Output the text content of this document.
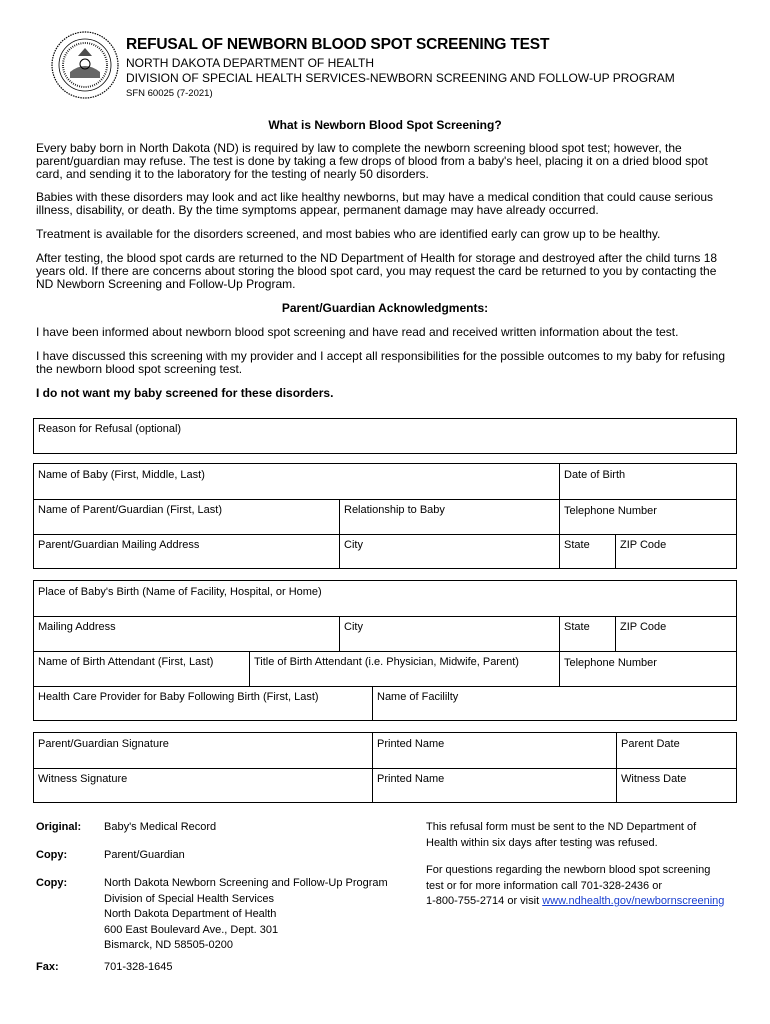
REFUSAL OF NEWBORN BLOOD SPOT SCREENING TEST
NORTH DAKOTA DEPARTMENT OF HEALTH
DIVISION OF SPECIAL HEALTH SERVICES-NEWBORN SCREENING AND FOLLOW-UP PROGRAM
SFN 60025 (7-2021)
What is Newborn Blood Spot Screening?
Every baby born in North Dakota (ND) is required by law to complete the newborn screening blood spot test; however, the parent/guardian may refuse. The test is done by taking a few drops of blood from a baby's heel, placing it on a dried blood spot card, and sending it to the laboratory for the testing of nearly 50 disorders.
Babies with these disorders may look and act like healthy newborns, but may have a medical condition that could cause serious illness, disability, or death. By the time symptoms appear, permanent damage may have already occurred.
Treatment is available for the disorders screened, and most babies who are identified early can grow up to be healthy.
After testing, the blood spot cards are returned to the ND Department of Health for storage and destroyed after the child turns 18 years old. If there are concerns about storing the blood spot card, you may request the card be returned to you by contacting the ND Newborn Screening and Follow-Up Program.
Parent/Guardian Acknowledgments:
I have been informed about newborn blood spot screening and have read and received written information about the test.
I have discussed this screening with my provider and I accept all responsibilities for the possible outcomes to my baby for refusing the newborn blood spot screening test.
I do not want my baby screened for these disorders.
Reason for Refusal (optional)
Name of Baby (First, Middle, Last)	Date of Birth
Name of Parent/Guardian (First, Last)	Relationship to Baby	Telephone Number
Parent/Guardian Mailing Address	City	State	ZIP Code
Place of Baby's Birth (Name of Facility, Hospital, or Home)
Mailing Address	City	State	ZIP Code
Name of Birth Attendant (First, Last)	Title of Birth Attendant (i.e. Physician, Midwife, Parent)	Telephone Number
Health Care Provider for Baby Following Birth (First, Last)	Name of Facililty
Parent/Guardian Signature	Printed Name	Parent Date
Witness Signature	Printed Name	Witness Date
Original: Baby's Medical Record
Copy:	Parent/Guardian
Copy:	North Dakota Newborn Screening and Follow-Up Program
Division of Special Health Services
North Dakota Department of Health
600 East Boulevard Ave., Dept. 301
Bismarck, ND 58505-0200
Fax:	701-328-1645
This refusal form must be sent to the ND Department of
Health within six days after testing was refused.
For questions regarding the newborn blood spot screening
test or for more information call 701-328-2436 or
1-800-755-2714 or visit www.ndhealth.gov/newbornscreening
